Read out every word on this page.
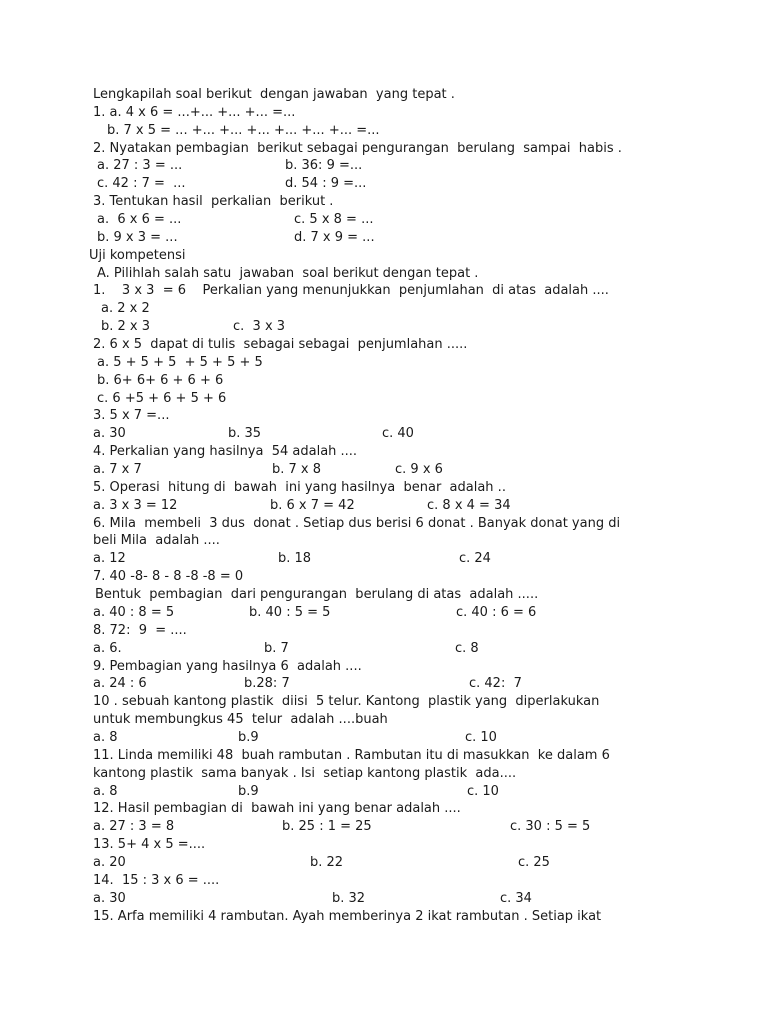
Lengkapilah soal berikut  dengan jawaban  yang tepat .
1. a. 4 x 6 = ...+... +... +... =...
b. 7 x 5 = ... +... +... +... +... +... +... =...
2. Nyatakan pembagian  berikut sebagai pengurangan  berulang  sampai  habis .
a. 27 : 3 = ...	b. 36: 9 =...
c. 42 : 7 =  ...	d. 54 : 9 =...
3. Tentukan hasil  perkalian  berikut .
a.  6 x 6 = ...	c. 5 x 8 = ...
b. 9 x 3 = ...	d. 7 x 9 = ...
Uji kompetensi
A. Pilihlah salah satu  jawaban  soal berikut dengan tepat .
1.    3 x 3  = 6    Perkalian yang menunjukkan  penjumlahan  di atas  adalah ....
a. 2 x 2
b. 2 x 3	c.  3 x 3
2. 6 x 5  dapat di tulis  sebagai sebagai  penjumlahan .....
a. 5 + 5 + 5  + 5 + 5 + 5
b. 6+ 6+ 6 + 6 + 6
c. 6 +5 + 6 + 5 + 6
3. 5 x 7 =...
a. 30	b. 35	c. 40
4. Perkalian yang hasilnya  54 adalah ....
a. 7 x 7	b. 7 x 8	c. 9 x 6
5. Operasi  hitung di  bawah  ini yang hasilnya  benar  adalah ..
a. 3 x 3 = 12	b. 6 x 7 = 42	c. 8 x 4 = 34
6. Mila  membeli  3 dus  donat . Setiap dus berisi 6 donat . Banyak donat yang di
beli Mila  adalah ....
a. 12	b. 18	c. 24
7. 40 -8- 8 - 8 -8 -8 = 0
Bentuk  pembagian  dari pengurangan  berulang di atas  adalah .....
a. 40 : 8 = 5	b. 40 : 5 = 5	c. 40 : 6 = 6
8. 72:  9  = ....
a. 6.	b. 7	c. 8
9. Pembagian yang hasilnya 6  adalah ....
a. 24 : 6	b.28: 7	c. 42:  7
10 . sebuah kantong plastik  diisi  5 telur. Kantong  plastik yang  diperlakukan
untuk membungkus 45  telur  adalah ....buah
a. 8	b.9	c. 10
11. Linda memiliki 48  buah rambutan . Rambutan itu di masukkan  ke dalam 6
kantong plastik  sama banyak . Isi  setiap kantong plastik  ada....
a. 8	b.9	c. 10
12. Hasil pembagian di  bawah ini yang benar adalah ....
a. 27 : 3 = 8	b. 25 : 1 = 25	c. 30 : 5 = 5
13. 5+ 4 x 5 =....
a. 20	b. 22	c. 25
14.  15 : 3 x 6 = ....
a. 30	b. 32	c. 34
15. Arfa memiliki 4 rambutan. Ayah memberinya 2 ikat rambutan . Setiap ikat
